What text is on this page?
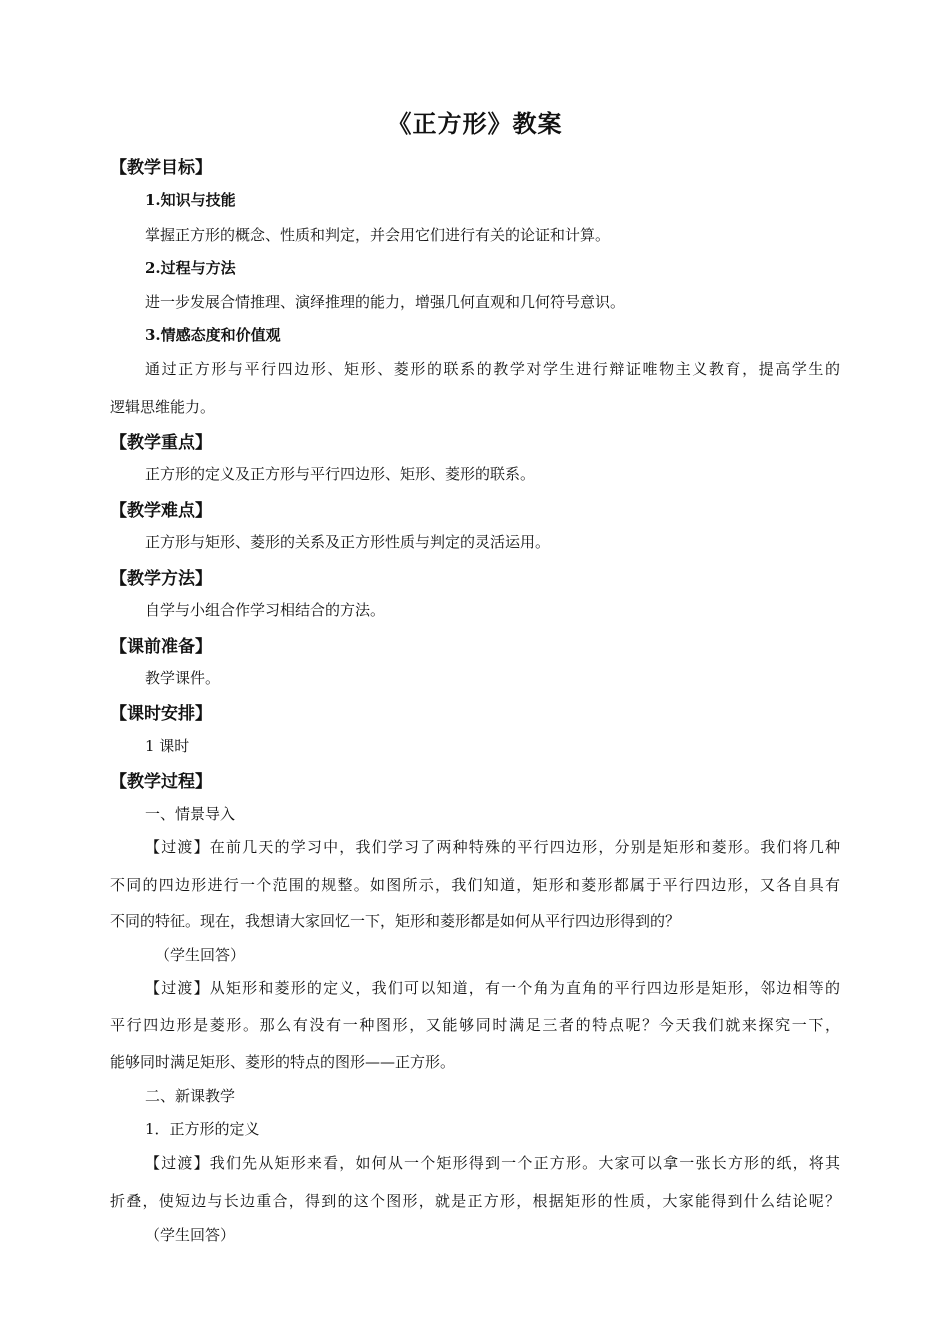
《正方形》教案
【教学目标】
1.知识与技能
掌握正方形的概念、性质和判定，并会用它们进行有关的论证和计算。
2.过程与方法
进一步发展合情推理、演绎推理的能力，增强几何直观和几何符号意识。
3.情感态度和价值观
通过正方形与平行四边形、矩形、菱形的联系的教学对学生进行辩证唯物主义教育，提高学生的
逻辑思维能力。
【教学重点】
正方形的定义及正方形与平行四边形、矩形、菱形的联系。
【教学难点】
正方形与矩形、菱形的关系及正方形性质与判定的灵活运用。
【教学方法】
自学与小组合作学习相结合的方法。
【课前准备】
教学课件。
【课时安排】
1 课时
【教学过程】
一、情景导入
【过渡】在前几天的学习中，我们学习了两种特殊的平行四边形，分别是矩形和菱形。我们将几种
不同的四边形进行一个范围的规整。如图所示，我们知道，矩形和菱形都属于平行四边形，又各自具有
不同的特征。现在，我想请大家回忆一下，矩形和菱形都是如何从平行四边形得到的？
（学生回答）
【过渡】从矩形和菱形的定义，我们可以知道，有一个角为直角的平行四边形是矩形，邻边相等的
平行四边形是菱形。那么有没有一种图形，又能够同时满足三者的特点呢？今天我们就来探究一下，
能够同时满足矩形、菱形的特点的图形——正方形。
二、新课教学
1．正方形的定义
【过渡】我们先从矩形来看，如何从一个矩形得到一个正方形。大家可以拿一张长方形的纸，将其
折叠，使短边与长边重合，得到的这个图形，就是正方形，根据矩形的性质，大家能得到什么结论呢？
（学生回答）
